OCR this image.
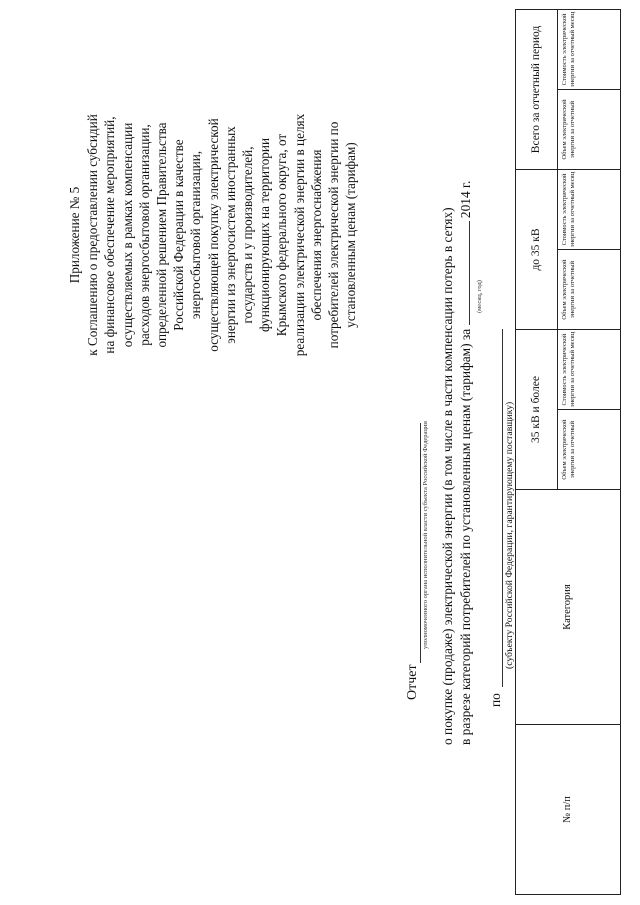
Приложение № 5 к Соглашению о предоставлении субсидий на финансовое обеспечение мероприятий, осуществляемых в рамках компенсации расходов энергосбытовой организации, определенной решением Правительства Российской Федерации в качестве энергосбытовой организации, осуществляющей покупку электрической энергии из энергосистем иностранных государств и у производителей, функционирующих на территории Крымского федерального округа, от реализации электрической энергии в целях обеспечения энергоснабжения потребителей электрической энергии по установленным ценам (тарифам)
Отчет
уполномоченного органа исполнительной власти субъекта Российской Федерации о покупке (продаже) электрической энергии (в том числе в части компенсации потерь в сетях) в разрезе категорий потребителей по установленным ценам (тарифам) за  2014 г.
(месяц, год)
по
(субъекту Российской Федерации, гарантирующему поставщику)
№ п/п	Категория	35 кВ и более		до 35 кВ		Всего за отчетный период	
		Объем электрической энергии за отчетный	Стоимость электрической энергии за отчетный месяц	Объем электрической энергии за отчетный	Стоимость электрической энергии за отчетный месяц	Объем электрической энергии за отчетный	Стоимость электрической энергии за отчетный месяц
